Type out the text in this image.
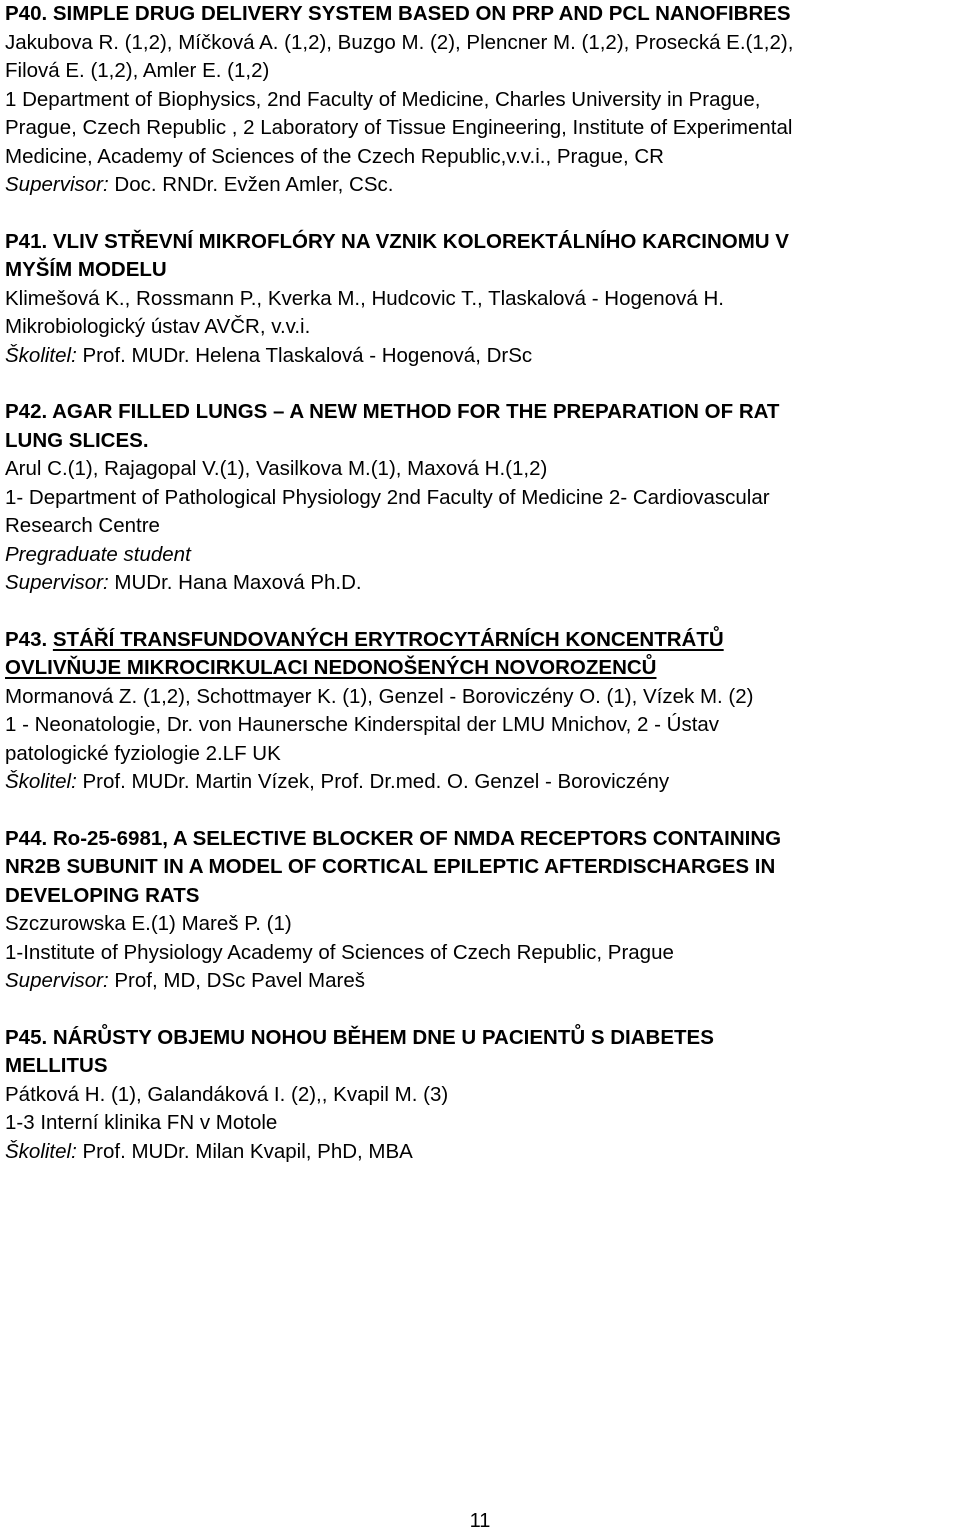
P40. SIMPLE DRUG DELIVERY SYSTEM BASED ON PRP AND PCL NANOFIBRES
Jakubova R. (1,2), Míčková A. (1,2), Buzgo M. (2), Plencner M. (1,2), Prosecká E.(1,2),
Filová E. (1,2), Amler E. (1,2)
1 Department of Biophysics, 2nd Faculty of Medicine, Charles University in Prague,
Prague, Czech Republic , 2 Laboratory of Tissue Engineering, Institute of Experimental
Medicine, Academy of Sciences of the Czech Republic,v.v.i., Prague, CR
Supervisor: Doc. RNDr. Evžen Amler, CSc.
P41. VLIV STŘEVNÍ MIKROFLÓRY NA VZNIK KOLOREKTÁLNÍHO KARCINOMU V
MYŠÍM MODELU
Klimešová K., Rossmann P., Kverka M., Hudcovic T., Tlaskalová - Hogenová H.
Mikrobiologický ústav AVČR, v.v.i.
Školitel: Prof. MUDr. Helena Tlaskalová - Hogenová, DrSc
P42. AGAR FILLED LUNGS – A NEW METHOD FOR THE PREPARATION OF RAT
LUNG SLICES.
Arul C.(1), Rajagopal V.(1), Vasilkova M.(1), Maxová H.(1,2)
1- Department of Pathological Physiology 2nd Faculty of Medicine 2- Cardiovascular
Research Centre
Pregraduate student
Supervisor: MUDr. Hana Maxová Ph.D.
P43. STÁŘÍ TRANSFUNDOVANÝCH ERYTROCYTÁRNÍCH KONCENTRÁTŮ
OVLIVŇUJE MIKROCIRKULACI NEDONOŠENÝCH NOVOROZENCŮ
Mormanová Z. (1,2), Schottmayer K. (1), Genzel - Boroviczény O. (1), Vízek M. (2)
1 - Neonatologie, Dr. von Haunersche Kinderspital der LMU Mnichov, 2 - Ústav
patologické fyziologie 2.LF UK
Školitel: Prof. MUDr. Martin Vízek, Prof. Dr.med. O. Genzel - Boroviczény
P44. Ro-25-6981, A SELECTIVE BLOCKER OF NMDA RECEPTORS CONTAINING
NR2B SUBUNIT IN A MODEL OF CORTICAL EPILEPTIC AFTERDISCHARGES IN
DEVELOPING RATS
Szczurowska E.(1) Mareš P. (1)
1-Institute of Physiology Academy of Sciences of Czech Republic, Prague
Supervisor: Prof, MD, DSc Pavel Mareš
P45. NÁRŮSTY OBJEMU NOHOU BĚHEM DNE U PACIENTŮ S DIABETES
MELLITUS
Pátková H. (1), Galandáková I. (2),, Kvapil M. (3)
1-3 Interní klinika FN v Motole
Školitel: Prof. MUDr. Milan Kvapil, PhD, MBA
11
